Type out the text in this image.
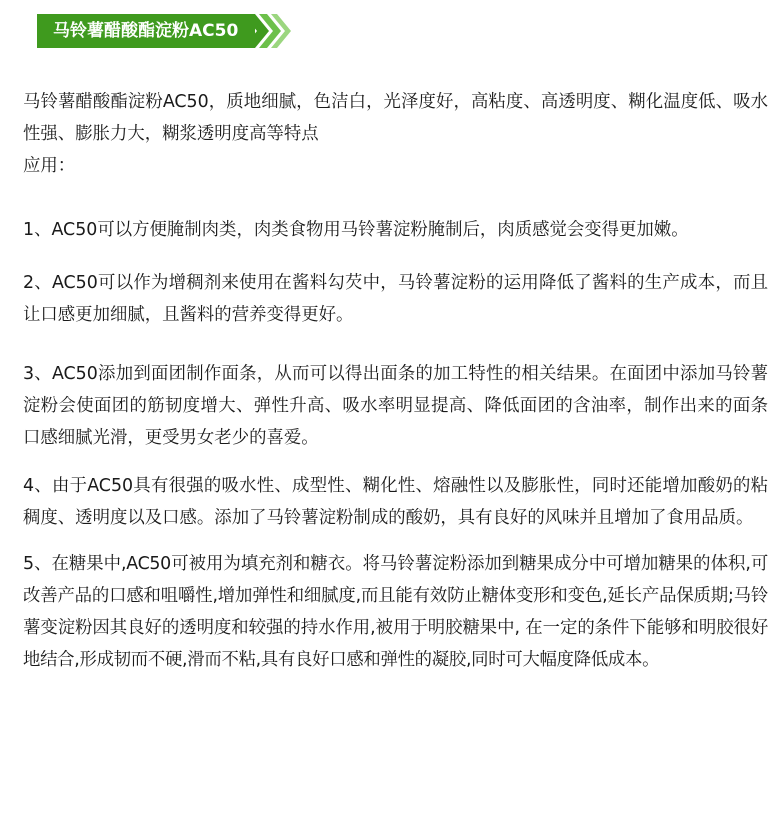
马铃薯醋酸酯淀粉AC50

马铃薯醋酸酯淀粉AC50，质地细腻，色洁白，光泽度好，高粘度、高透明度、糊化温度低、吸水性强、膨胀力大，糊浆透明度高等特点

应用：

1、AC50可以方便腌制肉类，肉类食物用马铃薯淀粉腌制后，肉质感觉会变得更加嫩。

2、AC50可以作为增稠剂来使用在酱料勾芡中，马铃薯淀粉的运用降低了酱料的生产成本，而且让口感更加细腻，且酱料的营养变得更好。

3、AC50添加到面团制作面条，从而可以得出面条的加工特性的相关结果。在面团中添加马铃薯淀粉会使面团的筋韧度增大、弹性升高、吸水率明显提高、降低面团的含油率，制作出来的面条口感细腻光滑，更受男女老少的喜爱。

4、由于AC50具有很强的吸水性、成型性、糊化性、熔融性以及膨胀性，同时还能增加酸奶的粘稠度、透明度以及口感。添加了马铃薯淀粉制成的酸奶，具有良好的风味并且增加了食用品质。

5、在糖果中,AC50可被用为填充剂和糖衣。将马铃薯淀粉添加到糖果成分中可增加糖果的体积,可改善产品的口感和咀嚼性,增加弹性和细腻度,而且能有效防止糖体变形和变色,延长产品保质期;马铃薯变淀粉因其良好的透明度和较强的持水作用,被用于明胶糖果中, 在一定的条件下能够和明胶很好地结合,形成韧而不硬,滑而不粘,具有良好口感和弹性的凝胶,同时可大幅度降低成本。
